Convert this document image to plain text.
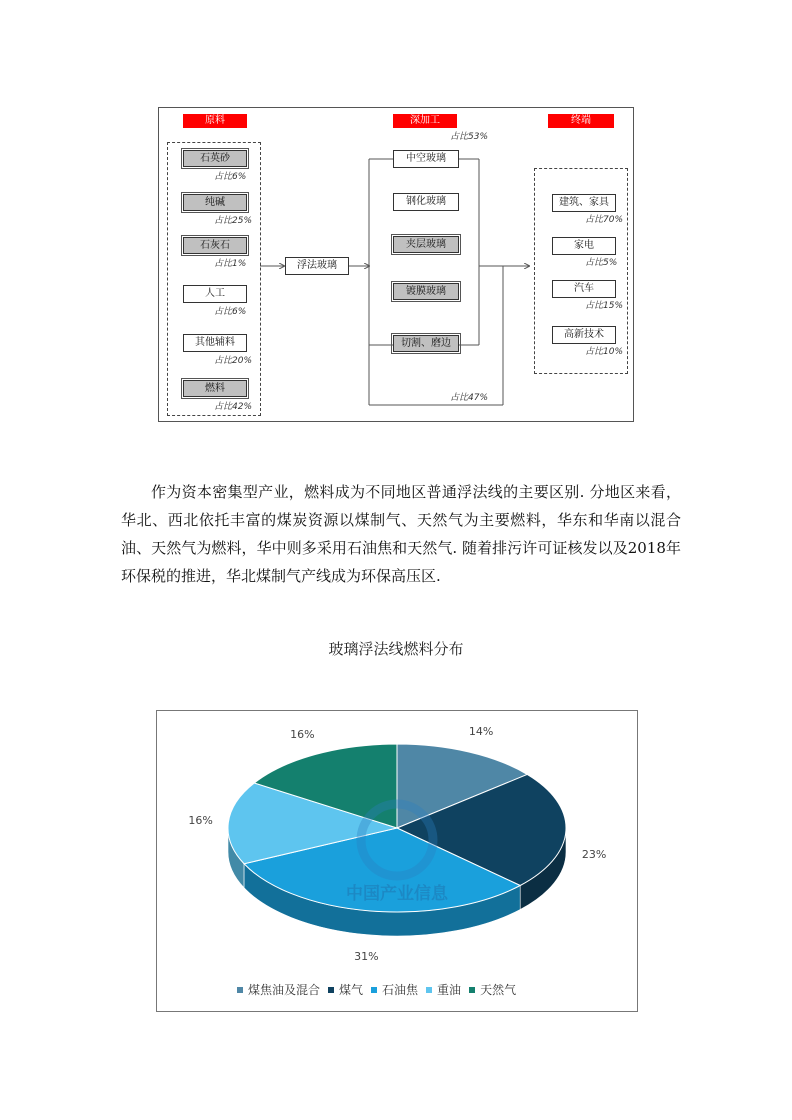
原料	深加工	终端
占比53%
石英砂
占比6%
纯碱
占比25%
石灰石
占比1%
人工
占比6%
其他辅料
占比20%
燃料
占比42%
浮法玻璃
中空玻璃
钢化玻璃
夹层玻璃
镀膜玻璃
切割、磨边
建筑、家具
占比70%
家电
占比5%
汽车
占比15%
高新技术
占比10%
占比47%

作为资本密集型产业，燃料成为不同地区普通浮法线的主要区别. 分地区来看，华北、西北依托丰富的煤炭资源以煤制气、天然气为主要燃料，华东和华南以混合油、天然气为燃料，华中则多采用石油焦和天然气. 随着排污许可证核发以及2018年环保税的推进，华北煤制气产线成为环保高压区.

玻璃浮法线燃料分布
中国产业信息
14%
23%
31%
16%
16%
煤焦油及混合 煤气 石油焦 重油 天然气
